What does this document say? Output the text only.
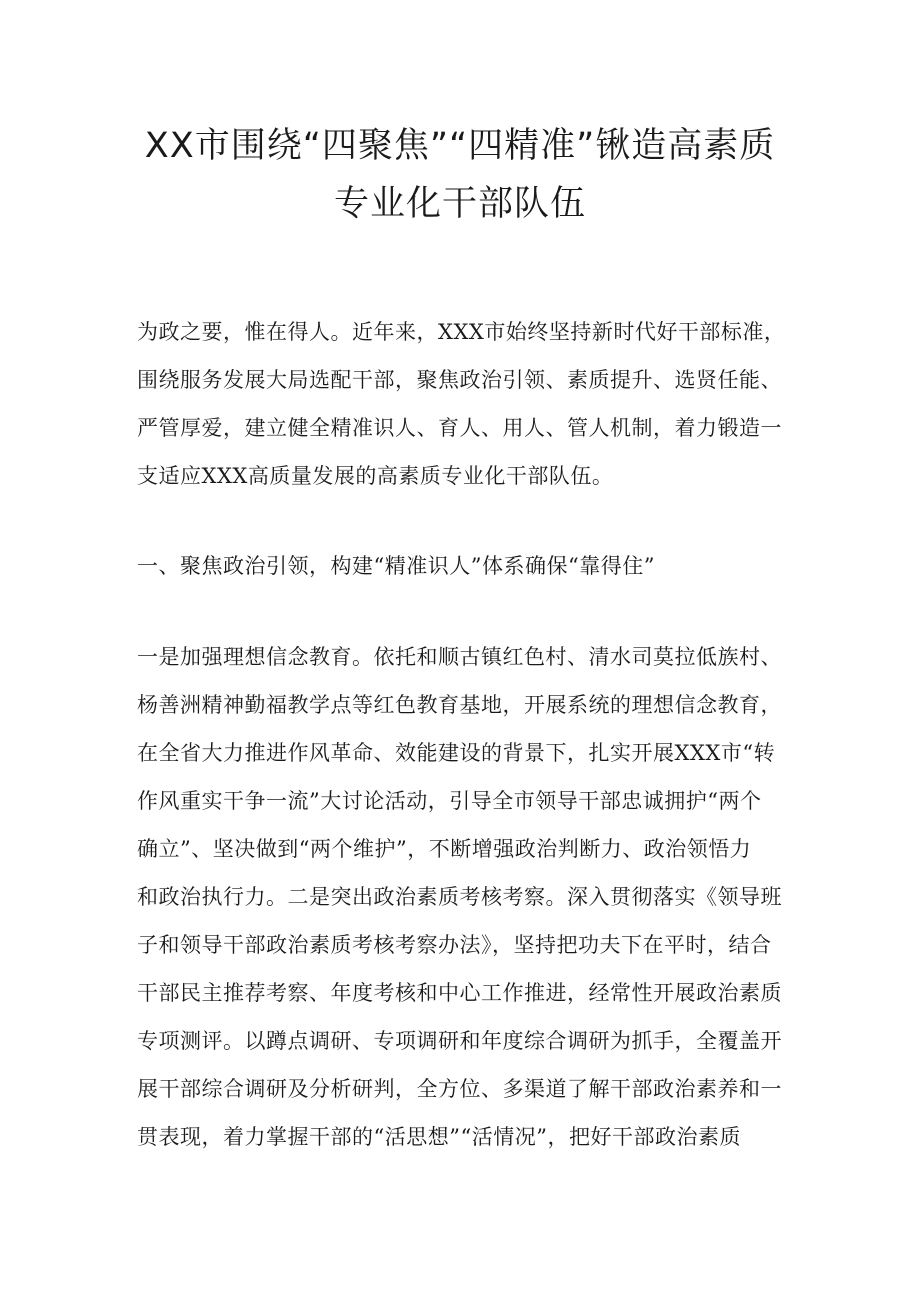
XX市围绕“四聚焦”“四精准”锹造高素质
专业化干部队伍
为政之要，惟在得人。近年来，XXX市始终坚持新时代好干部标准，
围绕服务发展大局选配干部，聚焦政治引领、素质提升、选贤任能、
严管厚爱，建立健全精准识人、育人、用人、管人机制，着力锻造一
支适应XXX高质量发展的高素质专业化干部队伍。
一、聚焦政治引领，构建“精准识人”体系确保“靠得住”
一是加强理想信念教育。依托和顺古镇红色村、清水司莫拉低族村、
杨善洲精神勤福教学点等红色教育基地，开展系统的理想信念教育，
在全省大力推进作风革命、效能建设的背景下，扎实开展XXX市“转
作风重实干争一流”大讨论活动，引导全市领导干部忠诚拥护“两个
确立”、坚决做到“两个维护”，不断增强政治判断力、政治领悟力
和政治执行力。二是突出政治素质考核考察。深入贯彻落实《领导班
子和领导干部政治素质考核考察办法》，坚持把功夫下在平时，结合
干部民主推荐考察、年度考核和中心工作推进，经常性开展政治素质
专项测评。以蹲点调研、专项调研和年度综合调研为抓手，全覆盖开
展干部综合调研及分析研判，全方位、多渠道了解干部政治素养和一
贯表现，着力掌握干部的“活思想”“活情况”，把好干部政治素质
